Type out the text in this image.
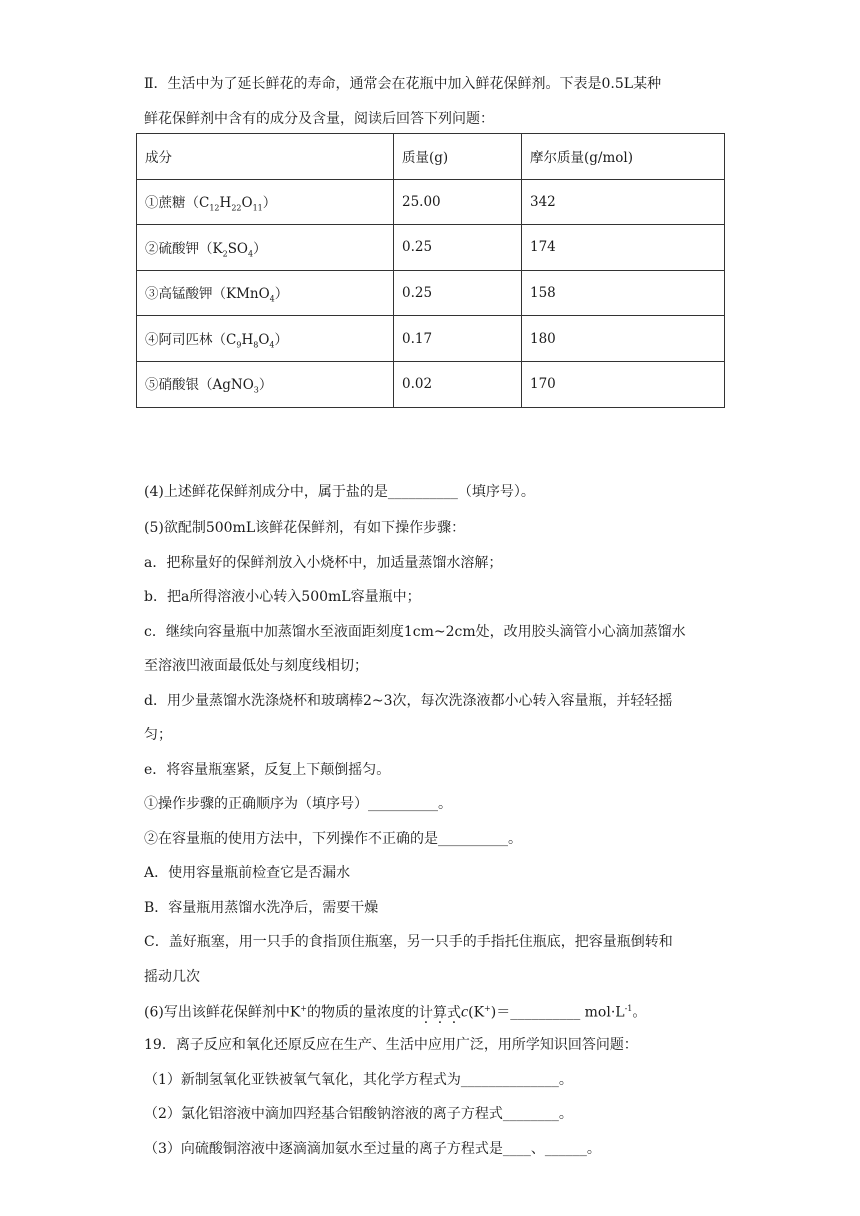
Ⅱ．生活中为了延长鲜花的寿命，通常会在花瓶中加入鲜花保鲜剂。下表是0.5L某种
鲜花保鲜剂中含有的成分及含量，阅读后回答下列问题：
成分	质量(g)	摩尔质量(g/mol)
①蔗糖$(C_{12}H_{22}O_{11})$	25.00	342
②硫酸钾$(K_2SO_4)$	0.25	174
③高锰酸钾（KMnO$_4$）	0.25	158
④阿司匹林$(C_9H_8O_4)$	0.17	180
⑤硝酸银（AgNO$_3$）	0.02	170
(4)上述鲜花保鲜剂成分中，属于盐的是__________（填序号）。
(5)欲配制500mL该鲜花保鲜剂，有如下操作步骤：
a．把称量好的保鲜剂放入小烧杯中，加适量蒸馏水溶解；
b．把a所得溶液小心转入500mL容量瓶中；
c．继续向容量瓶中加蒸馏水至液面距刻度1cm~2cm处，改用胶头滴管小心滴加蒸馏水
至溶液凹液面最低处与刻度线相切；
d．用少量蒸馏水洗涤烧杯和玻璃棒2~3次，每次洗涤液都小心转入容量瓶，并轻轻摇
匀；
e．将容量瓶塞紧，反复上下颠倒摇匀。
①操作步骤的正确顺序为（填序号）__________。
②在容量瓶的使用方法中，下列操作不正确的是__________。
A．使用容量瓶前检查它是否漏水
B．容量瓶用蒸馏水洗净后，需要干燥
C．盖好瓶塞，用一只手的食指顶住瓶塞，另一只手的手指托住瓶底，把容量瓶倒转和
摇动几次
(6)写出该鲜花保鲜剂中K+的物质的量浓度的计算式c(K+)＝__________ $mol\cdot L^{-1}$。
19．离子反应和氧化还原反应在生产、生活中应用广泛，用所学知识回答问题：
（1）新制氢氧化亚铁被氧气氧化，其化学方程式为______________。
（2）氯化铝溶液中滴加四羟基合铝酸钠溶液的离子方程式________。
（3）向硫酸铜溶液中逐滴滴加氨水至过量的离子方程式是____、______。
